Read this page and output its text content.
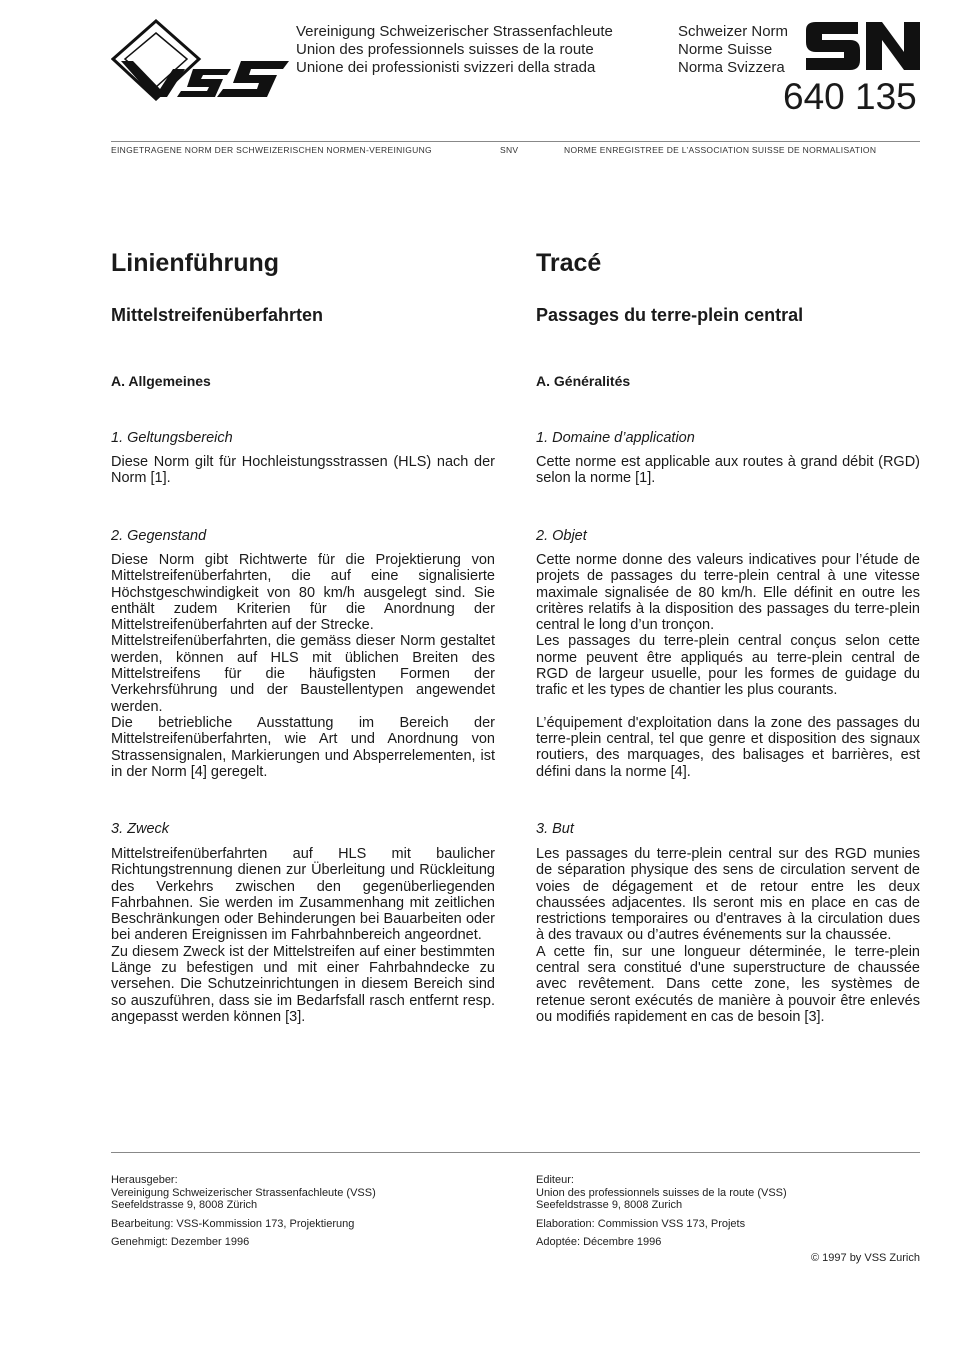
Vereinigung Schweizerischer Strassenfachleute
Union des professionnels suisses de la route
Unione dei professionisti svizzeri della strada
Schweizer Norm
Norme Suisse
Norma Svizzera
640 135
EINGETRAGENE NORM DER SCHWEIZERISCHEN NORMEN-VEREINIGUNG	SNV	NORME ENREGISTREE DE L’ASSOCIATION SUISSE DE NORMALISATION
Linienführung
Mittelstreifenüberfahrten
A. Allgemeines
1. Geltungsbereich

Diese Norm gilt für Hochleistungsstrassen (HLS) nach der Norm [1].

2. Gegenstand

Diese Norm gibt Richtwerte für die Projektierung von Mittelstreifenüberfahrten, die auf eine signalisierte Höchstgeschwindigkeit von 80 km/h ausgelegt sind. Sie enthält zudem Kriterien für die Anordnung der Mittelstreifenüberfahrten auf der Strecke.

Mittelstreifenüberfahrten, die gemäss dieser Norm gestaltet werden, können auf HLS mit üblichen Breiten des Mittelstreifens für die häufigsten Formen der Verkehrsführung und der Baustellentypen angewendet werden.

Die betriebliche Ausstattung im Bereich der Mittelstreifenüberfahrten, wie Art und Anordnung von Strassensignalen, Markierungen und Absperrelementen, ist in der Norm [4] geregelt.

3. Zweck

Mittelstreifenüberfahrten auf HLS mit baulicher Richtungstrennung dienen zur Überleitung und Rückleitung des Verkehrs zwischen den gegenüberliegenden Fahrbahnen. Sie werden im Zusammenhang mit zeitlichen Beschränkungen oder Behinderungen bei Bauarbeiten oder bei anderen Ereignissen im Fahrbahnbereich angeordnet.

Zu diesem Zweck ist der Mittelstreifen auf einer bestimmten Länge zu befestigen und mit einer Fahrbahndecke zu versehen. Die Schutzeinrichtungen in diesem Bereich sind so auszuführen, dass sie im Bedarfsfall rasch entfernt resp. angepasst werden können [3].

Tracé
Passages du terre-plein central
A. Généralités
1. Domaine d’application

Cette norme est applicable aux routes à grand débit (RGD) selon la norme [1].

2. Objet

Cette norme donne des valeurs indicatives pour l’étude de projets de passages du terre-plein central à une vitesse maximale signalisée de 80 km/h. Elle définit en outre les critères relatifs à la disposition des passages du terre-plein central le long d’un tronçon.

Les passages du terre-plein central conçus selon cette norme peuvent être appliqués au terre-plein central de RGD de largeur usuelle, pour les formes de guidage du trafic et les types de chantier les plus courants.

L’équipement d'exploitation dans la zone des passages du terre-plein central, tel que genre et disposition des signaux routiers, des marquages, des balisages et barrières, est défini dans la norme [4].

3. But

Les passages du terre-plein central sur des RGD munies de séparation physique des sens de circulation servent de voies de dégagement et de retour entre les deux chaussées adjacentes. Ils seront mis en place en cas de restrictions temporaires ou d'entraves à la circulation dues à des travaux ou d’autres événements sur la chaussée.

A cette fin, sur une longueur déterminée, le terre-plein central sera constitué d'une superstructure de chaussée avec revêtement. Dans cette zone, les systèmes de retenue seront exécutés de manière à pouvoir être enlevés ou modifiés rapidement en cas de besoin [3].

Herausgeber:

Vereinigung Schweizerischer Strassenfachleute (VSS)

Seefeldstrasse 9, 8008 Zürich

Bearbeitung: VSS-Kommission 173, Projektierung

Genehmigt: Dezember 1996

Editeur:

Union des professionnels suisses de la route (VSS)

Seefeldstrasse 9, 8008 Zurich

Elaboration: Commission VSS 173, Projets

Adoptée: Décembre 1996

© 1997 by VSS Zurich
